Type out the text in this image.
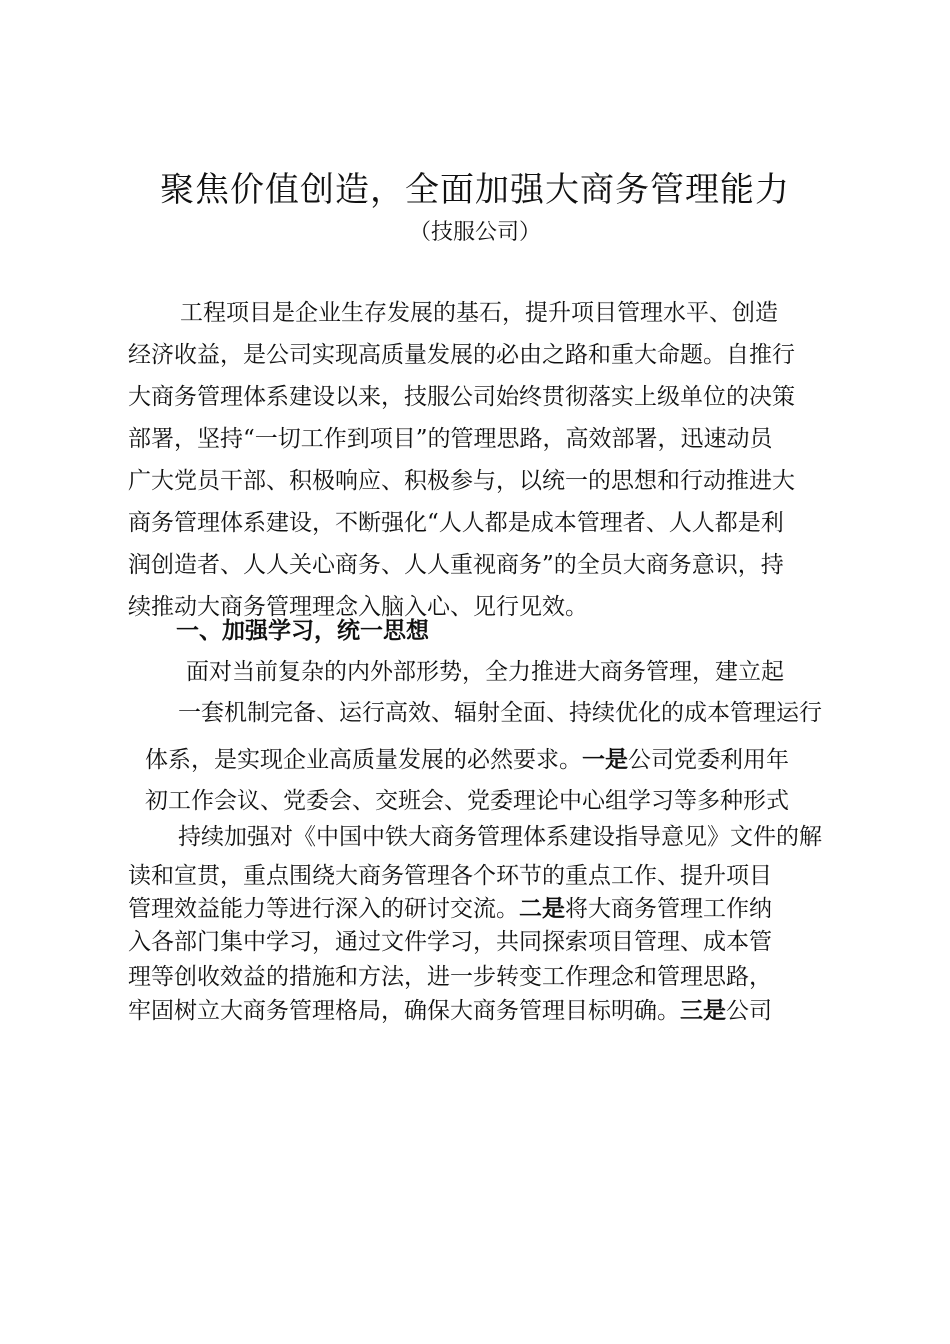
聚焦价值创造，全面加强大商务管理能力
（技服公司）
工程项目是企业生存发展的基石，提升项目管理水平、创造
经济收益，是公司实现高质量发展的必由之路和重大命题。自推行
大商务管理体系建设以来，技服公司始终贯彻落实上级单位的决策
部署，坚持“一切工作到项目”的管理思路，高效部署，迅速动员
广大党员干部、积极响应、积极参与，以统一的思想和行动推进大
商务管理体系建设，不断强化“人人都是成本管理者、人人都是利
润创造者、人人关心商务、人人重视商务”的全员大商务意识，持
续推动大商务管理理念入脑入心、见行见效。
一、加强学习，统一思想
面对当前复杂的内外部形势，全力推进大商务管理，建立起
一套机制完备、运行高效、辐射全面、持续优化的成本管理运行
体系，是实现企业高质量发展的必然要求。一是公司党委利用年
初工作会议、党委会、交班会、党委理论中心组学习等多种形式
持续加强对《中国中铁大商务管理体系建设指导意见》文件的解
读和宣贯，重点围绕大商务管理各个环节的重点工作、提升项目
管理效益能力等进行深入的研讨交流。二是将大商务管理工作纳
入各部门集中学习，通过文件学习，共同探索项目管理、成本管
理等创收效益的措施和方法，进一步转变工作理念和管理思路，
牢固树立大商务管理格局，确保大商务管理目标明确。三是公司
